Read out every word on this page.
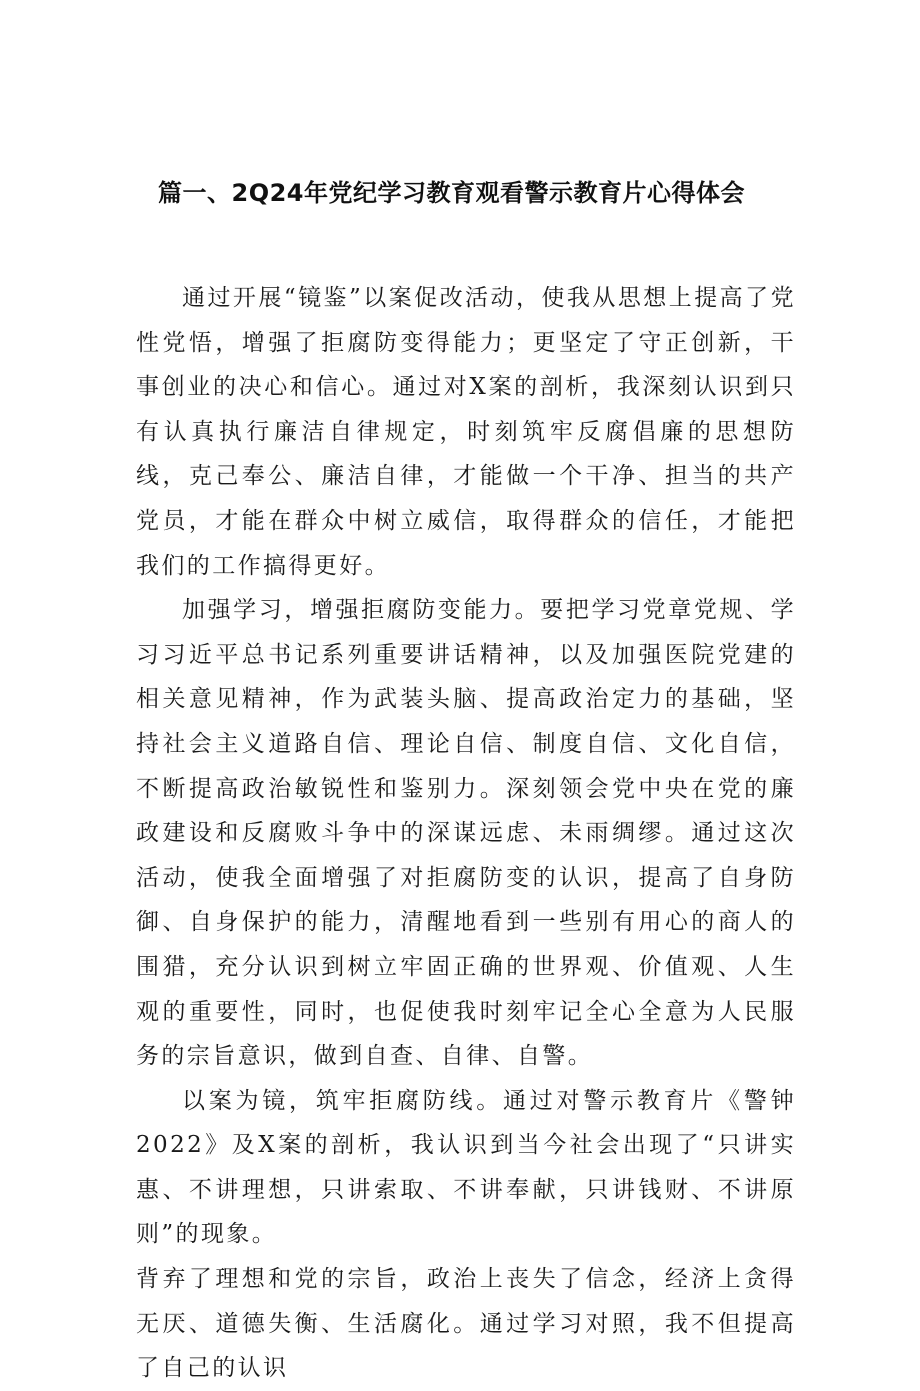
篇一、2Q24年党纪学习教育观看警示教育片心得体会

通过开展“镜鉴”以案促改活动，使我从思想上提高了党性党悟，增强了拒腐防变得能力；更坚定了守正创新，干事创业的决心和信心。通过对X案的剖析，我深刻认识到只有认真执行廉洁自律规定，时刻筑牢反腐倡廉的思想防线，克己奉公、廉洁自律，才能做一个干净、担当的共产党员，才能在群众中树立威信，取得群众的信任，才能把我们的工作搞得更好。

加强学习，增强拒腐防变能力。要把学习党章党规、学习习近平总书记系列重要讲话精神，以及加强医院党建的相关意见精神，作为武装头脑、提高政治定力的基础，坚持社会主义道路自信、理论自信、制度自信、文化自信，不断提高政治敏锐性和鉴别力。深刻领会党中央在党的廉政建设和反腐败斗争中的深谋远虑、未雨绸缪。通过这次活动，使我全面增强了对拒腐防变的认识，提高了自身防御、自身保护的能力，清醒地看到一些别有用心的商人的围猎，充分认识到树立牢固正确的世界观、价值观、人生观的重要性，同时，也促使我时刻牢记全心全意为人民服务的宗旨意识，做到自查、自律、自警。

以案为镜，筑牢拒腐防线。通过对警示教育片《警钟2022》及X案的剖析，我认识到当今社会出现了“只讲实惠、不讲理想，只讲索取、不讲奉献，只讲钱财、不讲原则”的现象。

背弃了理想和党的宗旨，政治上丧失了信念，经济上贪得无厌、道德失衡、生活腐化。通过学习对照，我不但提高了自己的认识
